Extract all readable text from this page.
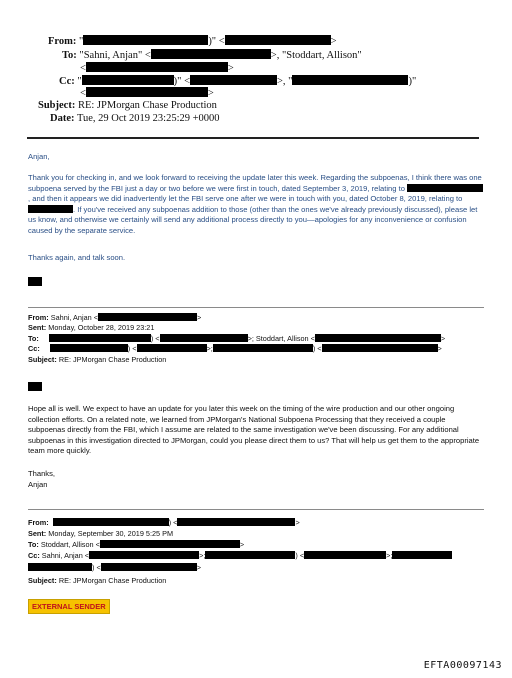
From: "	)" <	>
To: "Sahni, Anjan" <	>, "Stoddart, Allison"
<	>
Cc: "	)" <	>, "	)"
<	>
Subject: RE: JPMorgan Chase Production
Date: Tue, 29 Oct 2019 23:25:29 +0000
Anjan,
Thank you for checking in, and we look forward to receiving the update later this week. Regarding the subpoenas, I think there was one subpoena served by the FBI just a day or two before we were first in touch, dated September 3, 2019, relating to , and then it appears we did inadvertently let the FBI serve one after we were in touch with you, dated October 8, 2019, relating to . If you've received any subpoenas addition to those (other than the ones we've already previously discussed), please let us know, and otherwise we certainly will send any additional process directly to you—apologies for any inconvenience or confusion caused by the separate service.
Thanks again, and talk soon.
From: Sahni, Anjan <	>
Sent: Monday, October 28, 2019 23:21
To:	) <	>; Stoddart, Allison <	>
Cc:	) <	>;	) <	>
Subject: RE: JPMorgan Chase Production
Hope all is well. We expect to have an update for you later this week on the timing of the wire production and our other ongoing collection efforts. On a related note, we learned from JPMorgan's National Subpoena Processing that they received a couple subpoenas directly from the FBI, which I assume are related to the same investigation we've been discussing. For any additional subpoenas in this investigation directed to JPMorgan, could you please direct them to us? That will help us get them to the appropriate team more quickly.
Thanks,
Anjan
From:	) <	>
Sent: Monday, September 30, 2019 5:25 PM
To: Stoddart, Allison <	>
Cc: Sahni, Anjan <	>;	) <	>;
) <	>
Subject: RE: JPMorgan Chase Production
EXTERNAL SENDER
EFTA00097143
